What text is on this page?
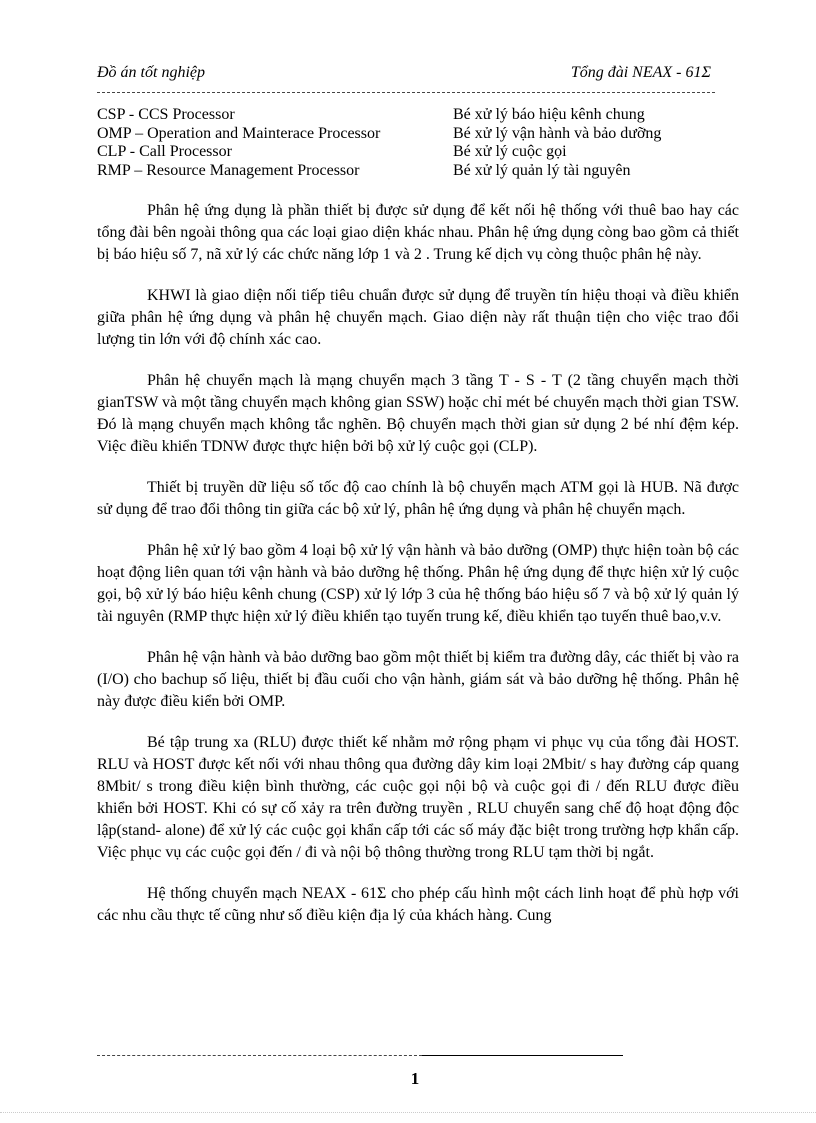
Đồ án tốt nghiệp	Tổng đài NEAX - 61Σ
CSP - CCS Processor	Bé xử lý báo hiệu kênh chung
OMP – Operation and Mainterace Processor	Bé xử lý vận hành và bảo dưỡng
CLP - Call Processor	Bé xử lý cuộc gọi
RMP – Resource Management Processor	Bé xử lý quản lý tài nguyên

Phân hệ ứng dụng là phần thiết bị được sử dụng để kết nối hệ thống với thuê bao hay các tổng đài bên ngoài thông qua các loại giao diện khác nhau. Phân hệ ứng dụng còng bao gồm cả thiết bị báo hiệu số 7, nã xử lý các chức năng lớp 1 và 2 . Trung kế dịch vụ còng thuộc phân hệ này.

KHWI là giao diện nối tiếp tiêu chuẩn được sử dụng để truyền tín hiệu thoại và điều khiển giữa phân hệ ứng dụng và phân hệ chuyển mạch. Giao diện này rất thuận tiện cho việc trao đổi lượng tin lớn với độ chính xác cao.

Phân hệ chuyển mạch là mạng chuyển mạch 3 tầng T - S - T (2 tầng chuyển mạch thời gianTSW và một tầng chuyển mạch không gian SSW) hoặc chỉ mét bé chuyển mạch thời gian TSW. Đó là mạng chuyển mạch không tắc nghẽn. Bộ chuyển mạch thời gian sử dụng 2 bé nhí đệm kép. Việc điều khiển TDNW được thực hiện bởi bộ xử lý cuộc gọi (CLP).

Thiết bị truyền dữ liệu số tốc độ cao chính là bộ chuyển mạch ATM gọi là HUB. Nã được sử dụng để trao đổi thông tin giữa các bộ xử lý, phân hệ ứng dụng và phân hệ chuyển mạch.

Phân hệ xử lý bao gồm 4 loại bộ xử lý vận hành và bảo dưỡng (OMP) thực hiện toàn bộ các hoạt động liên quan tới vận hành và bảo dưỡng hệ thống. Phân hệ ứng dụng để thực hiện xử lý cuộc gọi, bộ xử lý báo hiệu kênh chung (CSP) xử lý lớp 3 của hệ thống báo hiệu số 7 và bộ xử lý quản lý tài nguyên (RMP thực hiện xử lý điều khiển tạo tuyến trung kế, điều khiển tạo tuyến thuê bao,v.v.

Phân hệ vận hành và bảo dưỡng bao gồm một thiết bị kiểm tra đường dây, các thiết bị vào ra (I/O) cho bachup số liệu, thiết bị đầu cuối cho vận hành, giám sát và bảo dưỡng hệ thống. Phân hệ này được điều kiển bởi OMP.

Bé tập trung xa (RLU) được thiết kế nhằm mở rộng phạm vi phục vụ của tổng đài HOST. RLU và HOST được kết nối với nhau thông qua đường dây kim loại 2Mbit/ s hay đường cáp quang 8Mbit/ s trong điều kiện bình thường, các cuộc gọi nội bộ và cuộc gọi đi / đến RLU được điều khiển bởi HOST. Khi có sự cố xảy ra trên đường truyền , RLU chuyển sang chế độ hoạt động độc lập(stand- alone) để xử lý các cuộc gọi khẩn cấp tới các số máy đặc biệt trong trường hợp khẩn cấp. Việc phục vụ các cuộc gọi đến / đi và nội bộ thông thường trong RLU tạm thời bị ngắt.

Hệ thống chuyển mạch NEAX - 61Σ cho phép cấu hình một cách linh hoạt để phù hợp với các nhu cầu thực tế cũng như số điều kiện địa lý của khách hàng. Cung

1
